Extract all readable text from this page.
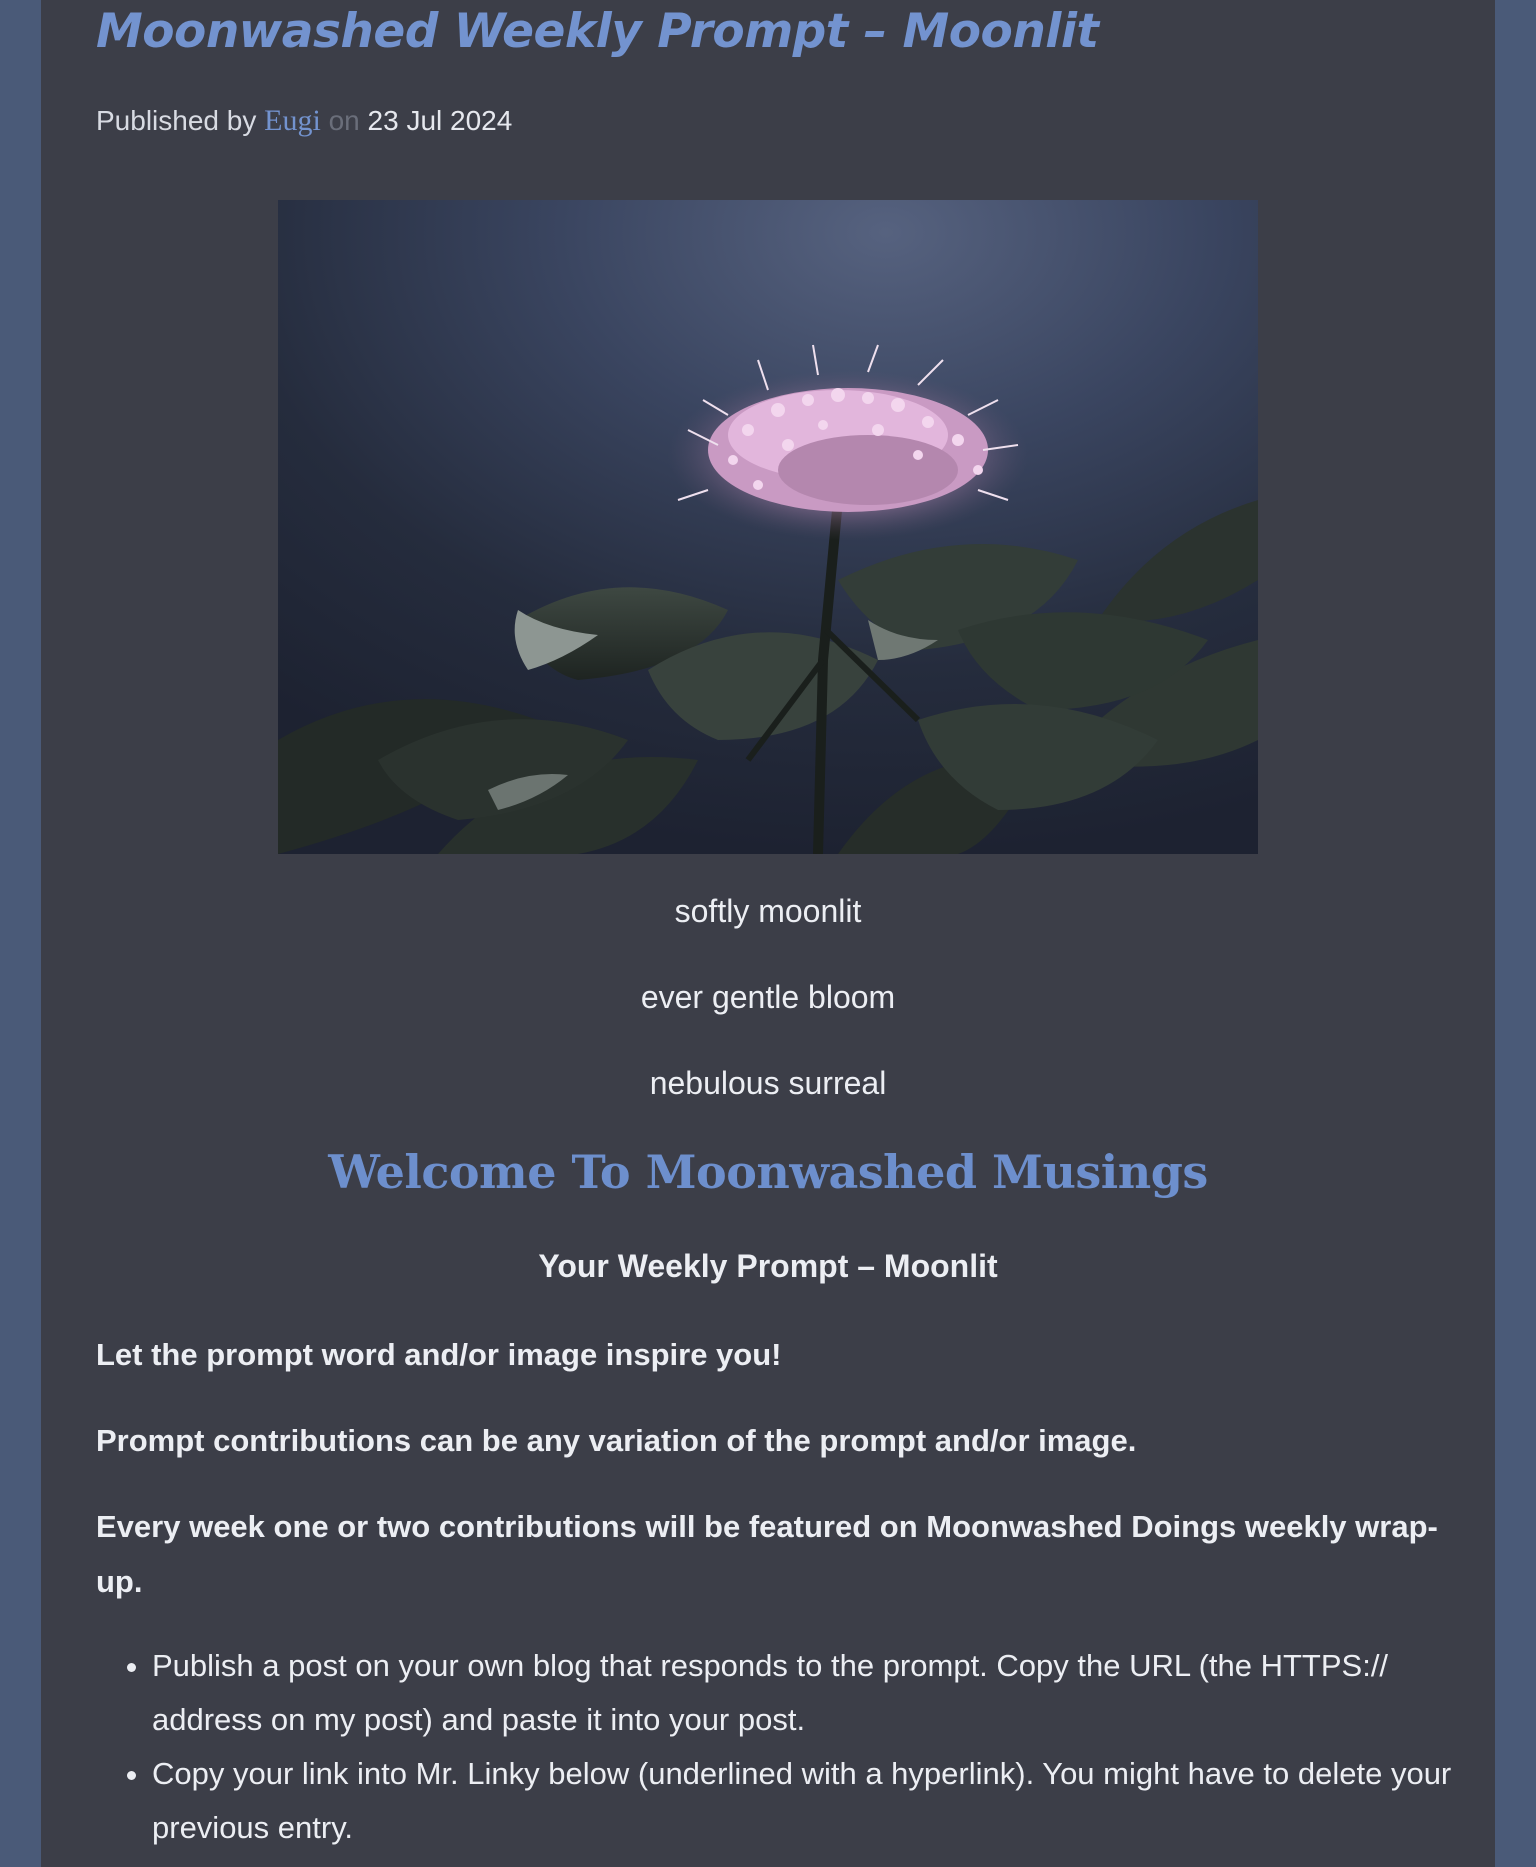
Moonwashed Weekly Prompt – Moonlit
Published by Eugi on 23 Jul 2024
softly moonlit
ever gentle bloom
nebulous surreal
Welcome To Moonwashed Musings
Your Weekly Prompt – Moonlit

Let the prompt word and/or image inspire you!

Prompt contributions can be any variation of the prompt and/or image.

Every week one or two contributions will be featured on Moonwashed Doings weekly wrap-up.

• Publish a post on your own blog that responds to the prompt. Copy the URL (the HTTPS:// address on my post) and paste it into your post.
• Copy your link into Mr. Linky below (underlined with a hyperlink). You might have to delete your previous entry.
